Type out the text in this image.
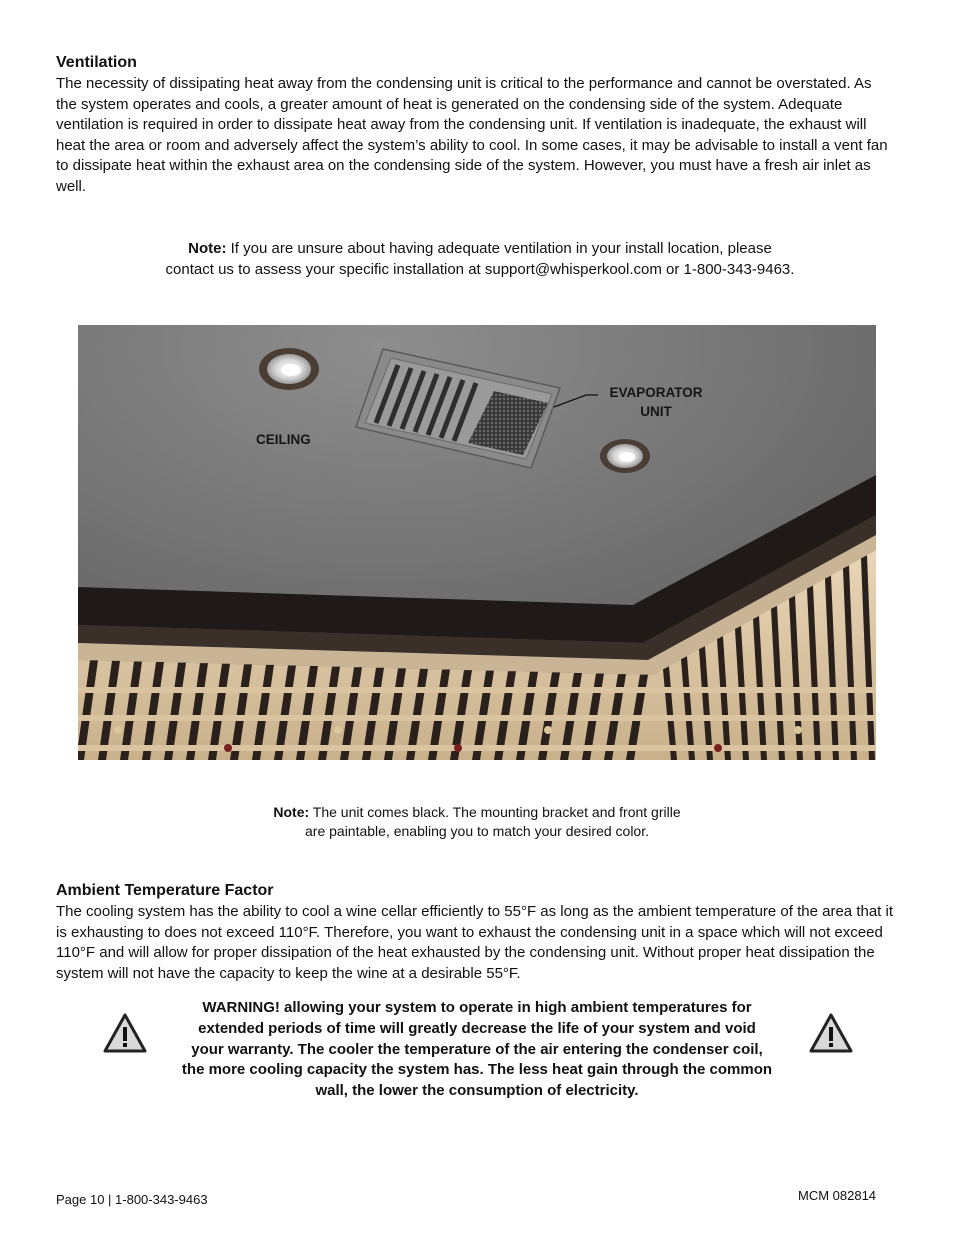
Ventilation

The necessity of dissipating heat away from the condensing unit is critical to the performance and cannot be overstated. As the system operates and cools, a greater amount of heat is generated on the condensing side of the system. Adequate ventilation is required in order to dissipate heat away from the condensing unit. If ventilation is inadequate, the exhaust will heat the area or room and adversely affect the system’s ability to cool. In some cases, it may be advisable to install a vent fan to dissipate heat within the exhaust area on the condensing side of the system. However, you must have a fresh air inlet as well.

Note: If you are unsure about having adequate ventilation in your install location, please
contact us to assess your specific installation at support@whisperkool.com or 1-800-343-9463.
CEILING
EVAPORATOR
UNIT
Note: The unit comes black. The mounting bracket and front grille
are paintable, enabling you to match your desired color.
Ambient Temperature Factor

The cooling system has the ability to cool a wine cellar efficiently to 55°F as long as the ambient temperature of the area that it is exhausting to does not exceed 110°F. Therefore, you want to exhaust the condensing unit in a space which will not exceed 110°F and will allow for proper dissipation of the heat exhausted by the condensing unit. Without proper heat dissipation the system will not have the capacity to keep the wine at a desirable 55°F.

WARNING! allowing your system to operate in high ambient temperatures for
extended periods of time will greatly decrease the life of your system and void
your warranty. The cooler the temperature of the air entering the condenser coil,
the more cooling capacity the system has. The less heat gain through the common
wall, the lower the consumption of electricity.
Page 10 | 1-800-343-9463	MCM 082814
